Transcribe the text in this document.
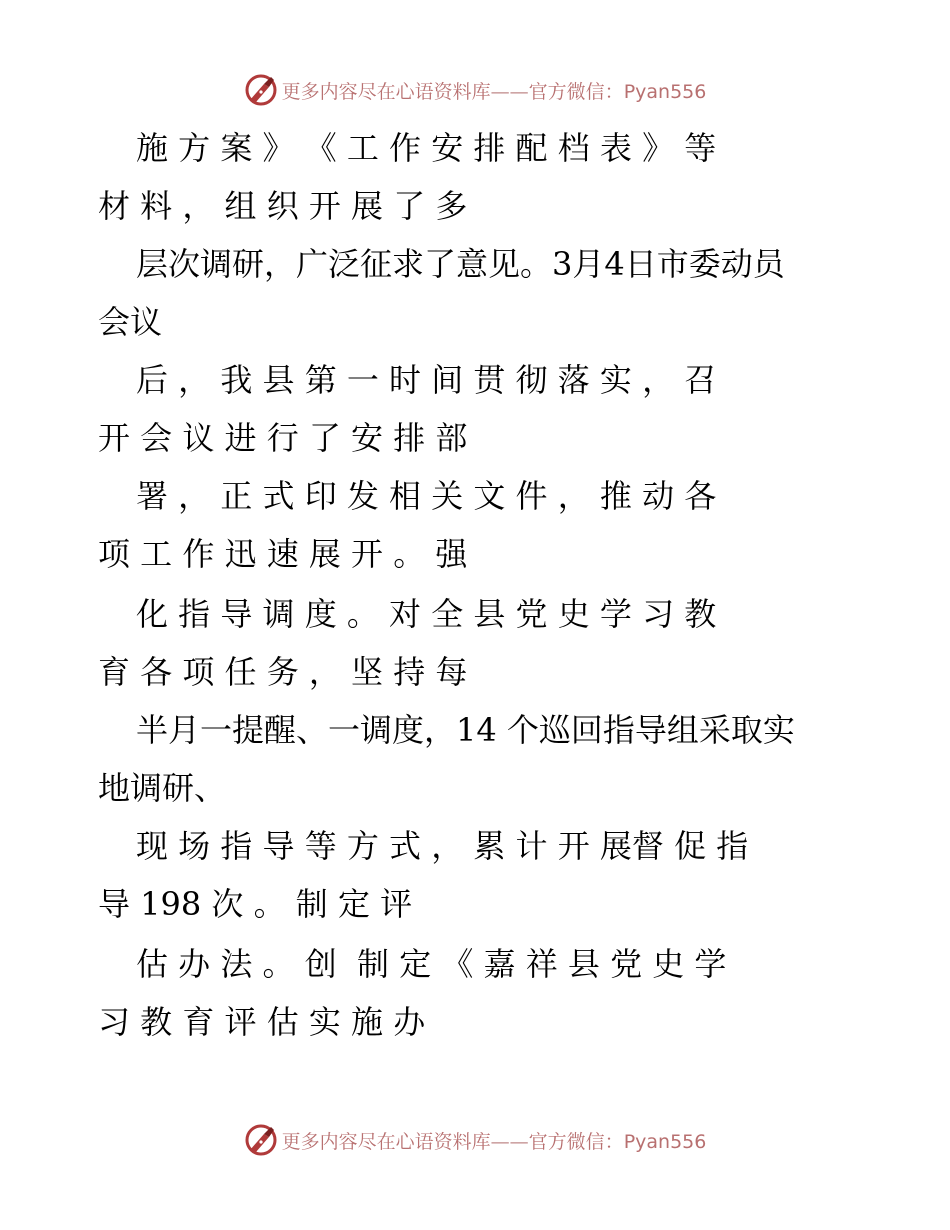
更多内容尽在心语资料库——官方微信：Pyan556
施 方 案 》 《 工 作 安 排 配 档 表 》 等
材 料 ， 组 织 开 展 了 多
层次调研，广泛征求了意见。3月4日市委动员
会议
后 ， 我 县 第 一 时 间 贯 彻 落 实 ， 召
开 会 议 进 行 了 安 排 部
署 ， 正 式 印 发 相 关 文 件 ， 推 动 各
项 工 作 迅 速 展 开 。 强
化 指 导 调 度 。 对 全 县 党 史 学 习 教
育 各 项 任 务 ， 坚 持 每
半月一提醒、一调度，14 个巡回指导组采取实
地调研、
现 场 指 导 等 方 式 ， 累 计 开 展督 促 指
导 198 次 。 制 定 评
估 办 法 。 创  制 定 《 嘉 祥 县 党 史 学
习 教 育 评 估 实 施 办
更多内容尽在心语资料库——官方微信：Pyan556
